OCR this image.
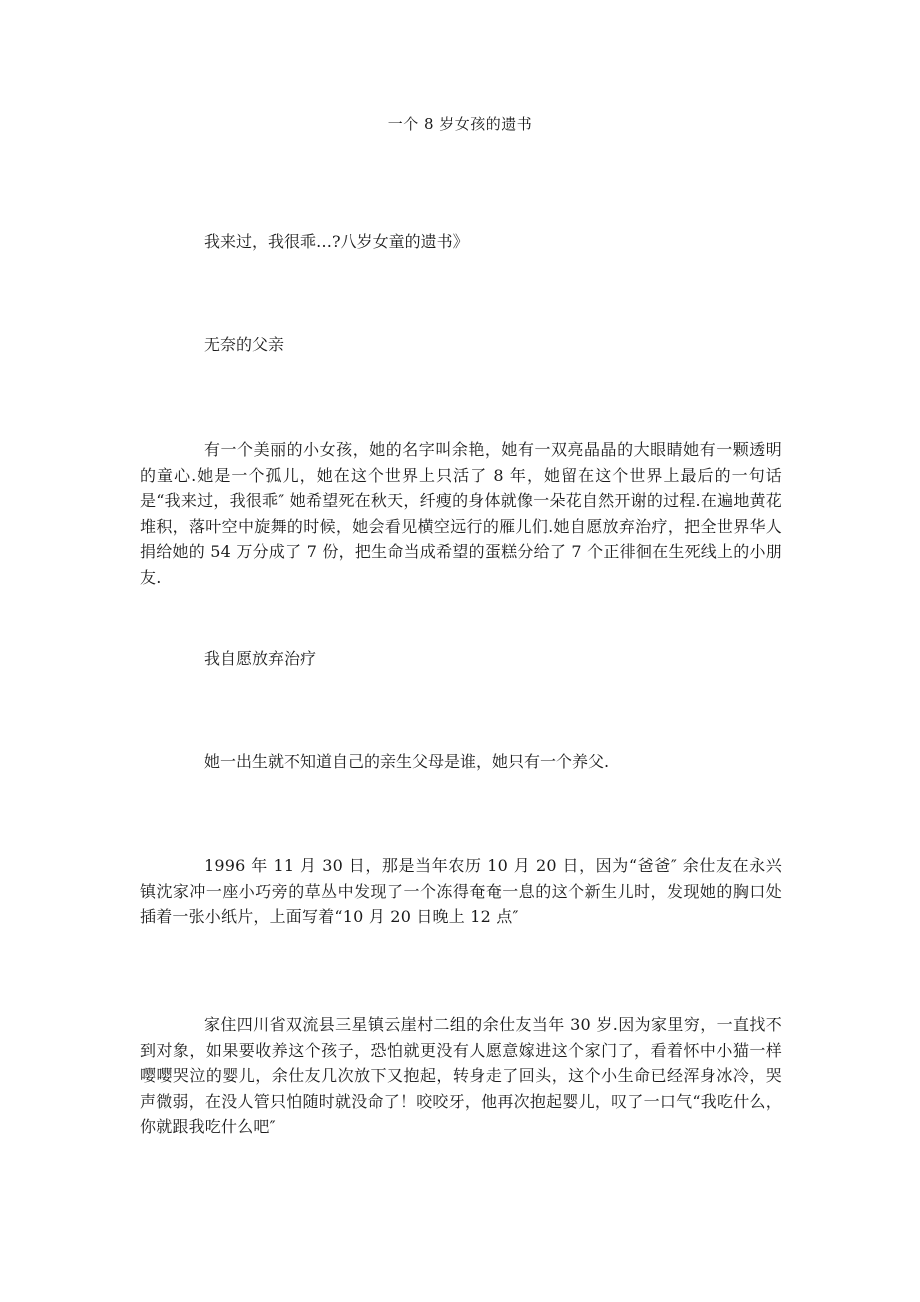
一个 8 岁女孩的遗书
我来过，我很乖…?八岁女童的遗书》
无奈的父亲
有一个美丽的小女孩，她的名字叫余艳，她有一双亮晶晶的大眼睛她有一颗透明的童心.她是一个孤儿，她在这个世界上只活了 8 年，她留在这个世界上最后的一句话是“我来过，我很乖″ 她希望死在秋天，纤瘦的身体就像一朵花自然开谢的过程.在遍地黄花堆积，落叶空中旋舞的时候，她会看见横空远行的雁儿们.她自愿放弃治疗，把全世界华人捐给她的 54 万分成了 7 份，把生命当成希望的蛋糕分给了 7 个正徘徊在生死线上的小朋友.
我自愿放弃治疗
她一出生就不知道自己的亲生父母是谁，她只有一个养父.
1996 年 11 月 30 日，那是当年农历 10 月 20 日，因为“爸爸″ 余仕友在永兴镇沈家冲一座小巧旁的草丛中发现了一个冻得奄奄一息的这个新生儿时，发现她的胸口处插着一张小纸片，上面写着“10 月 20 日晚上 12 点″
家住四川省双流县三星镇云崖村二组的余仕友当年 30 岁.因为家里穷，一直找不到对象，如果要收养这个孩子，恐怕就更没有人愿意嫁进这个家门了，看着怀中小猫一样嘤嘤哭泣的婴儿，余仕友几次放下又抱起，转身走了回头，这个小生命已经浑身冰冷，哭声微弱，在没人管只怕随时就没命了！咬咬牙，他再次抱起婴儿，叹了一口气“我吃什么，你就跟我吃什么吧″
